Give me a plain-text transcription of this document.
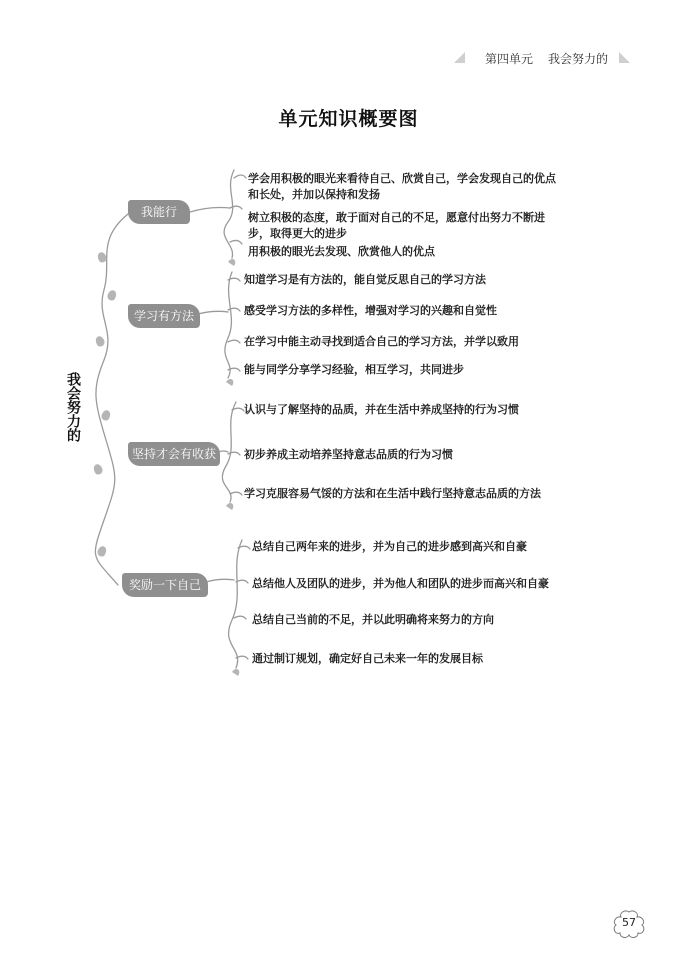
第四单元 我会努力的
单元知识概要图
我会努力的
我能行
学会用积极的眼光来看待自己、欣赏自己，学会发现自己的优点
和长处，并加以保持和发扬
树立积极的态度，敢于面对自己的不足，愿意付出努力不断进
步，取得更大的进步
用积极的眼光去发现、欣赏他人的优点
学习有方法
知道学习是有方法的，能自觉反思自己的学习方法
感受学习方法的多样性，增强对学习的兴趣和自觉性
在学习中能主动寻找到适合自己的学习方法，并学以致用
能与同学分享学习经验，相互学习，共同进步
坚持才会有收获
认识与了解坚持的品质，并在生活中养成坚持的行为习惯
初步养成主动培养坚持意志品质的行为习惯
学习克服容易气馁的方法和在生活中践行坚持意志品质的方法
奖励一下自己
总结自己两年来的进步，并为自己的进步感到高兴和自豪
总结他人及团队的进步，并为他人和团队的进步而高兴和自豪
总结自己当前的不足，并以此明确将来努力的方向
通过制订规划，确定好自己未来一年的发展目标
57
